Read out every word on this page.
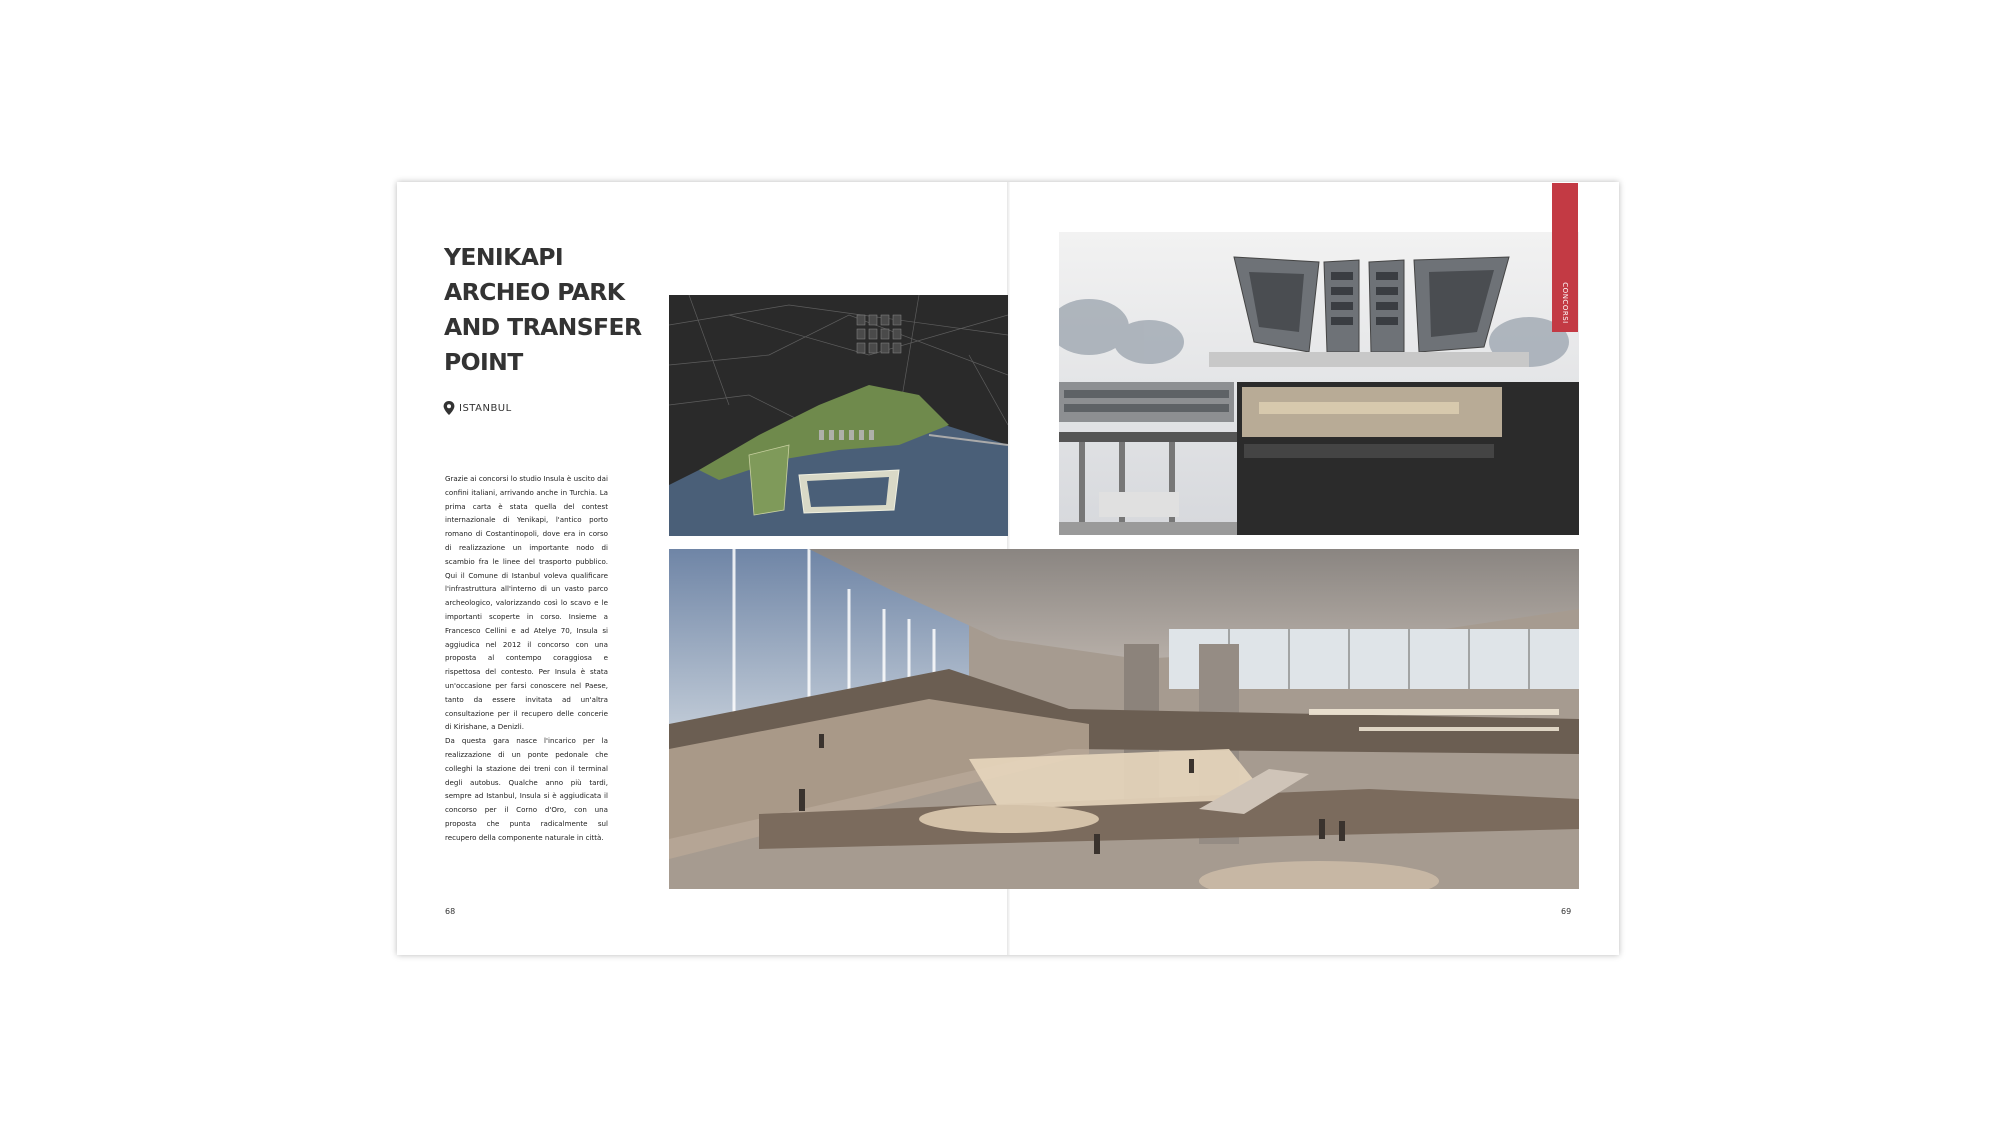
YENIKAPI
ARCHEO PARK
AND TRANSFER
POINT
ISTANBUL

Grazie ai concorsi lo studio Insula è uscito dai confini italiani, arrivando anche in Turchia. La prima carta è stata quella del contest internazionale di Yenikapi, l'antico porto romano di Costantinopoli, dove era in corso di realizzazione un importante nodo di scambio fra le linee del trasporto pubblico. Qui il Comune di Istanbul voleva qualificare l'infrastruttura all'interno di un vasto parco archeologico, valorizzando così lo scavo e le importanti scoperte in corso. Insieme a Francesco Cellini e ad Atelye 70, Insula si aggiudica nel 2012 il concorso con una proposta al contempo coraggiosa e rispettosa del contesto. Per Insula è stata un'occasione per farsi conoscere nel Paese, tanto da essere invitata ad un'altra consultazione per il recupero delle concerie di Kirishane, a Denizli.

Da questa gara nasce l'incarico per la realizzazione di un ponte pedonale che colleghi la stazione dei treni con il terminal degli autobus. Qualche anno più tardi, sempre ad Istanbul, Insula si è aggiudicata il concorso per il Corno d'Oro, con una proposta che punta radicalmente sul recupero della componente naturale in città.

CONCORSI
68	69
